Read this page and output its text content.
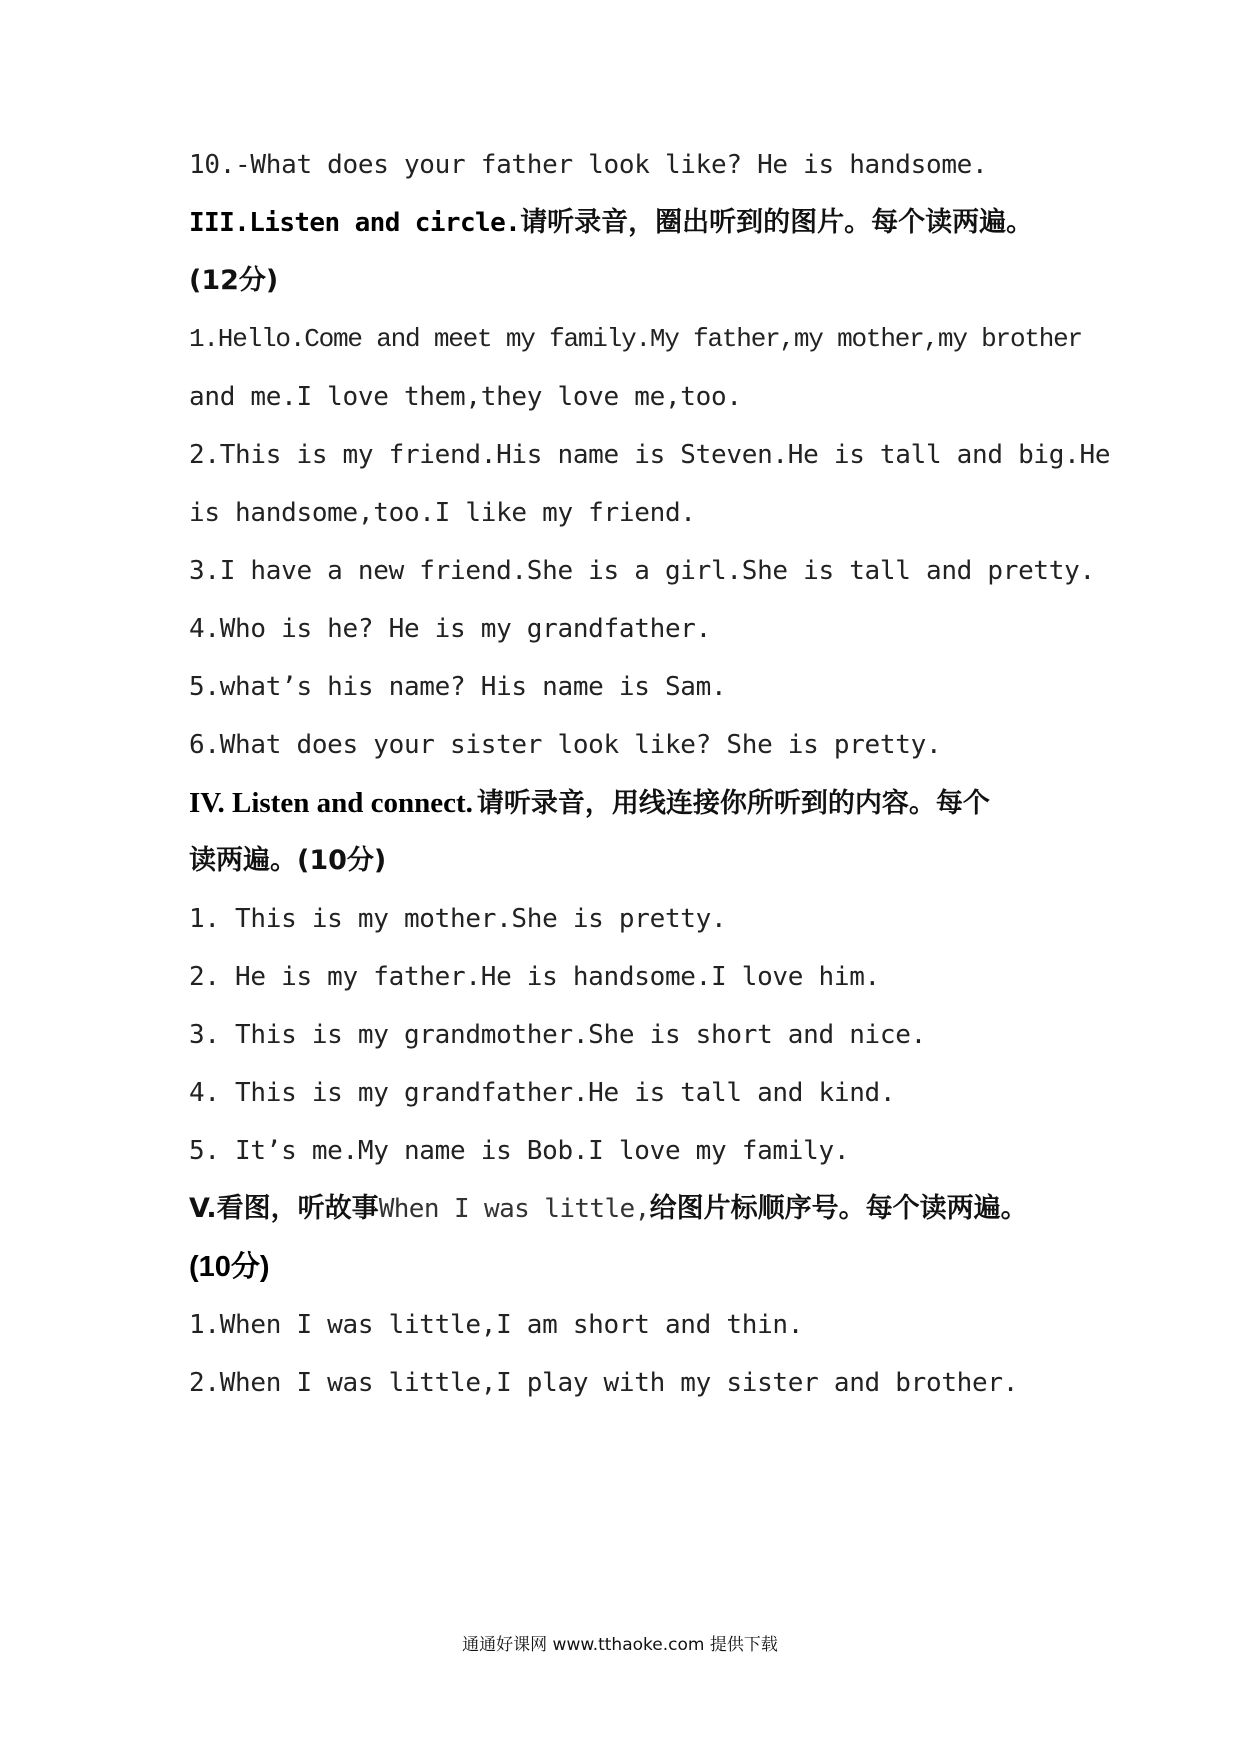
10.-What does your father look like? He is handsome.
III.Listen and circle.请听录音，圈出听到的图片。每个读两遍。
(12分)
1.Hello.Come and meet my family.My father,my mother,my brother
and me.I love them,they love me,too.
2.This is my friend.His name is Steven.He is tall and big.He
is handsome,too.I like my friend.
3.I have a new friend.She is a girl.She is tall and pretty.
4.Who is he? He is my grandfather.
5.what’s his name? His name is Sam.
6.What does your sister look like? She is pretty.
IV. Listen and connect. 请听录音，用线连接你所听到的内容。每个
读两遍。(10分)
1. This is my mother.She is pretty.
2. He is my father.He is handsome.I love him.
3. This is my grandmother.She is short and nice.
4. This is my grandfather.He is tall and kind.
5. It’s me.My name is Bob.I love my family.
V.看图，听故事When I was little,给图片标顺序号。每个读两遍。
(10分)
1.When I was little,I am short and thin.
2.When I was little,I play with my sister and brother.
通通好课网 www.tthaoke.com 提供下载
